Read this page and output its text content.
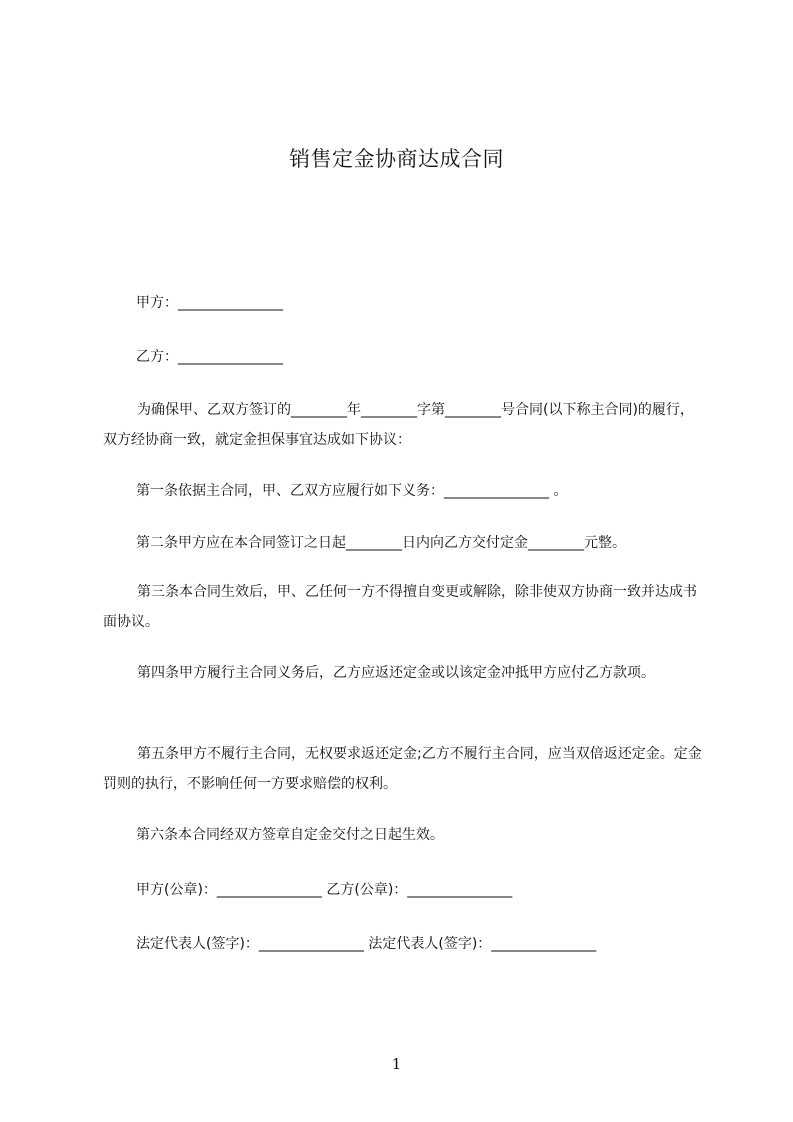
销售定金协商达成合同
甲方：_______________
乙方：_______________
为确保甲、乙双方签订的________年________字第________号合同(以下称主合同)的履行，双方经协商一致，就定金担保事宜达成如下协议：
第一条依据主合同，甲、乙双方应履行如下义务：_______________ 。
第二条甲方应在本合同签订之日起________日内向乙方交付定金________元整。
第三条本合同生效后，甲、乙任何一方不得擅自变更或解除，除非使双方协商一致并达成书面协议。
第四条甲方履行主合同义务后，乙方应返还定金或以该定金冲抵甲方应付乙方款项。
第五条甲方不履行主合同，无权要求返还定金;乙方不履行主合同，应当双倍返还定金。定金罚则的执行，不影响任何一方要求赔偿的权利。
第六条本合同经双方签章自定金交付之日起生效。
甲方(公章)：_______________ 乙方(公章)：_______________
法定代表人(签字)：_______________ 法定代表人(签字)：_______________
1
